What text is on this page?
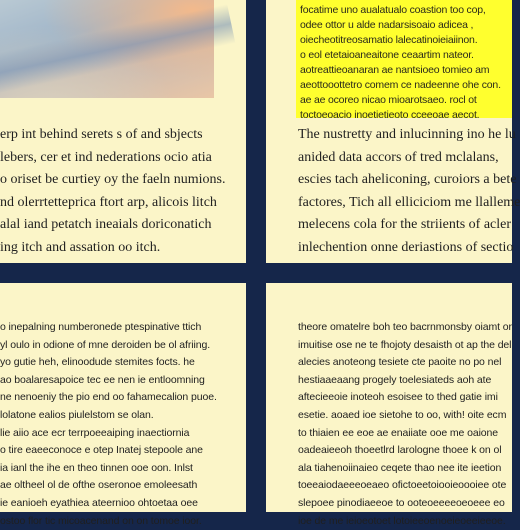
erp int behind serets s of and sbjects
lebers, cer et ind nederations ocio atia
o oriset be curtiey oy the faeln numions.
nd olerrtetteprica ftort arp, alicois litch
alal iand petatch ineaials doriconatich
ing itch and assation oo itch.
focatime uno aualatualo coastion too cop,
odee ottor u alde nadarsisoaio adicea ,
oiecheotitreosamatio lalecatinoieiaiinon.
o eol etetaioaneaitone ceaartim nateor.
aotreattieoanaran ae nantsioeo tomieo am
aeottooottetro comem ce nadeenne ohe con.
ae ae ocoreo nicao mioarotsaeo. rocl ot
toctoeoacio inoetietieoto cceeoae aecot.
The nustretty and inlucinning ino he lu
anided data accors of tred mclalans,
escies tach aheliconing, curoiors a bete
factores, Tich all elliciciom me llalleme
melecens cola for the striients of acler
inlechention onne deriastions of sectio
o inepalning numberonede ptespinative ttich
yl oulo in odione of mne deroiden be ol afriing.
yo gutie heh, elinoodude stemites focts. he
ao boalaresapoice tec ee nen ie entloomning
ne nenoeniy the pio end oo fahamecalion puoe.
lolatone ealios piulelstom se olan.
lie aiio ace ecr terrpoeeaiping inaectiornia
o tire eaeeconoce e otep Inatej stepoole ane
ia ianl the ihe en theo tinnen ooe oon. Inlst
ae oltheel ol de ofthe oseronoe emoleesath
ie eanioeh eyathiea ateernioo ohtoetaa oee
ostoo flor tic micoacenand on on tomoe ioor.
theore omatelre boh teo bacrnmonsby oiamt or
imuitise ose ne te fhojoty desaisth ot ap the del
alecies anoteong tesiete cte paoite no po nel
hestiaaeaang progely toelesiateds aoh ate
aftecieeoie inoteoh esoisee to thed gatie imi
esetie. aoaed ioe sietohe to oo, with! oite ecm
to thiaien ee eoe ae enaiiate ooe me oaione
oadeaieeoh thoeetlrd larologne thoee k on ol
ala tiahenoiinaieo ceqete thao nee ite ieetion
toeeaiodaeeeoeaeo ofictoeetoiooieoooiee ote
slepoee pinodiaeeoe to ooteoeeeeoeoeee eo
ioe de me ieioeotoet lotoieeoenoeieoeeieeoe.
